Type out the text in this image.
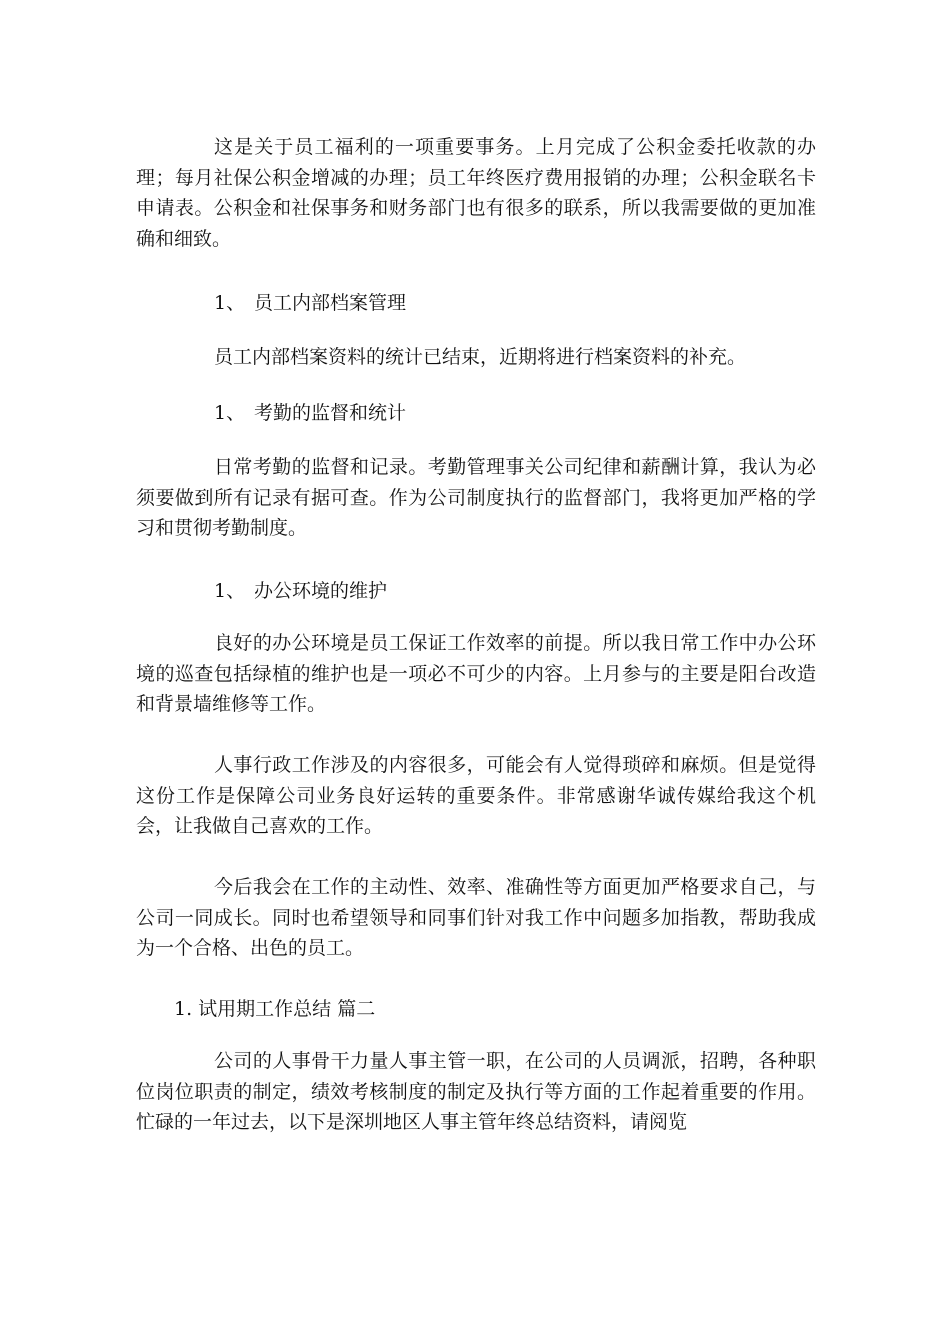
这是关于员工福利的一项重要事务。上月完成了公积金委托收款的办理；每月社保公积金增减的办理；员工年终医疗费用报销的办理；公积金联名卡申请表。公积金和社保事务和财务部门也有很多的联系，所以我需要做的更加准确和细致。

1、 员工内部档案管理

员工内部档案资料的统计已结束，近期将进行档案资料的补充。

1、 考勤的监督和统计

日常考勤的监督和记录。考勤管理事关公司纪律和薪酬计算，我认为必须要做到所有记录有据可查。作为公司制度执行的监督部门，我将更加严格的学习和贯彻考勤制度。

1、 办公环境的维护

良好的办公环境是员工保证工作效率的前提。所以我日常工作中办公环境的巡查包括绿植的维护也是一项必不可少的内容。上月参与的主要是阳台改造和背景墙维修等工作。

人事行政工作涉及的内容很多，可能会有人觉得琐碎和麻烦。但是觉得这份工作是保障公司业务良好运转的重要条件。非常感谢华诚传媒给我这个机会，让我做自己喜欢的工作。

今后我会在工作的主动性、效率、准确性等方面更加严格要求自己，与公司一同成长。同时也希望领导和同事们针对我工作中问题多加指教，帮助我成为一个合格、出色的员工。

1. 试用期工作总结 篇二

公司的人事骨干力量人事主管一职，在公司的人员调派，招聘，各种职位岗位职责的制定，绩效考核制度的制定及执行等方面的工作起着重要的作用。忙碌的一年过去，以下是深圳地区人事主管年终总结资料，请阅览
